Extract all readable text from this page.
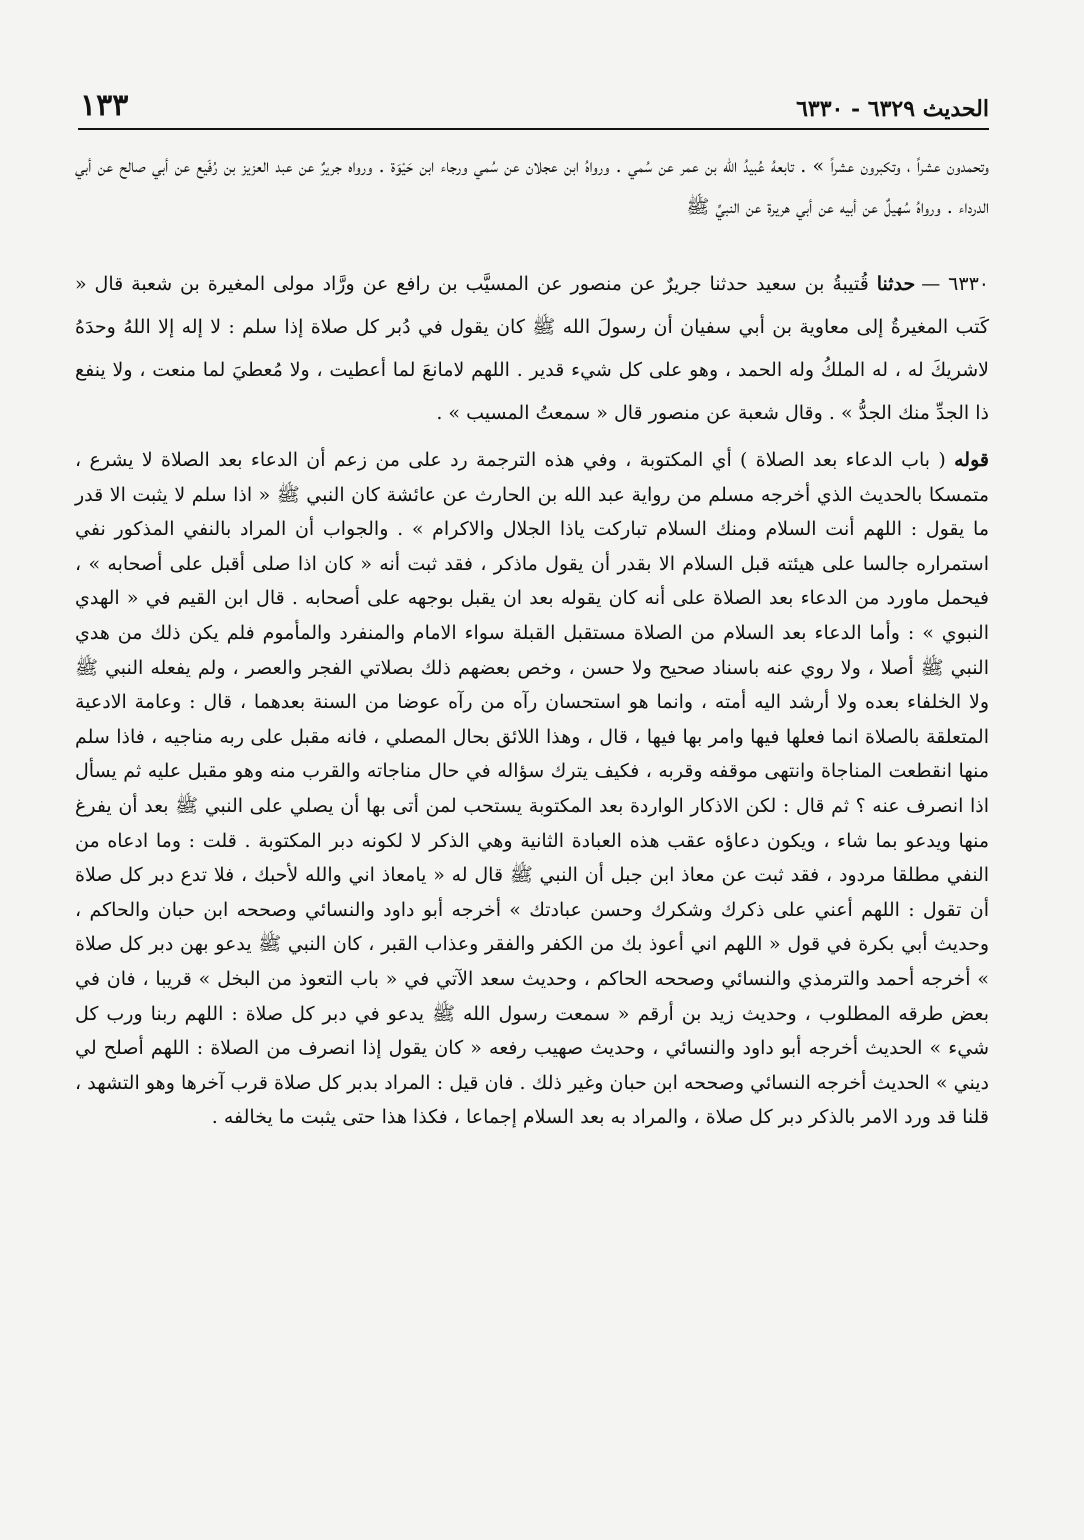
الحديث ٦٣٢٩ - ٦٣٣٠
١٣٣

وتحمدون عشراً ، وتكبرون عشراً » . تابعهُ عُبيدُ الله بن عمر عن سُمي . ورواهُ ابن عجلان عن سُمي ورجاء ابن حَيْوَة . ورواه جريرٌ عن عبد العزيز بن رُفَيع عن أبي صالح عن أبي الدرداء . ورواهُ سُهيلٌ عن أبيه عن أبي هريرة عن النبيِّ ﷺ

٦٣٣٠ —حدثنا قُتيبةُ بن سعيد حدثنا جريرٌ عن منصور عن المسيَّب بن رافع عن ورَّاد مولى المغيرة بن شعبة قال « كَتب المغيرةُ إلى معاوية بن أبي سفيان أن رسولَ الله ﷺ كان يقول في دُبر كل صلاة إذا سلم : لا إله إلا اللهُ وحدَهُ لاشريكَ له ، له الملكُ وله الحمد ، وهو على كل شيء قدير . اللهم لامانعَ لما أعطيت ، ولا مُعطيَ لما منعت ، ولا ينفع ذا الجدِّ منك الجدُّ » . وقال شعبة عن منصور قال « سمعتُ المسيب » .

قوله ( باب الدعاء بعد الصلاة ) أي المكتوبة ، وفي هذه الترجمة رد على من زعم أن الدعاء بعد الصلاة لا يشرع ، متمسكا بالحديث الذي أخرجه مسلم من رواية عبد الله بن الحارث عن عائشة كان النبي ﷺ « اذا سلم لا يثبت الا قدر ما يقول : اللهم أنت السلام ومنك السلام تباركت ياذا الجلال والاكرام » . والجواب أن المراد بالنفي المذكور نفي استمراره جالسا على هيئته قبل السلام الا بقدر أن يقول ماذكر ، فقد ثبت أنه « كان اذا صلى أقبل على أصحابه » ، فيحمل ماورد من الدعاء بعد الصلاة على أنه كان يقوله بعد ان يقبل بوجهه على أصحابه . قال ابن القيم في « الهدي النبوي » : وأما الدعاء بعد السلام من الصلاة مستقبل القبلة سواء الامام والمنفرد والمأموم فلم يكن ذلك من هدي النبي ﷺ أصلا ، ولا روي عنه باسناد صحيح ولا حسن ، وخص بعضهم ذلك بصلاتي الفجر والعصر ، ولم يفعله النبي ﷺ ولا الخلفاء بعده ولا أرشد اليه أمته ، وانما هو استحسان رآه من رآه عوضا من السنة بعدهما ، قال : وعامة الادعية المتعلقة بالصلاة انما فعلها فيها وامر بها فيها ، قال ، وهذا اللائق بحال المصلي ، فانه مقبل على ربه مناجيه ، فاذا سلم منها انقطعت المناجاة وانتهى موقفه وقربه ، فكيف يترك سؤاله في حال مناجاته والقرب منه وهو مقبل عليه ثم يسأل اذا انصرف عنه ؟ ثم قال : لكن الاذكار الواردة بعد المكتوبة يستحب لمن أتى بها أن يصلي على النبي ﷺ بعد أن يفرغ منها ويدعو بما شاء ، ويكون دعاؤه عقب هذه العبادة الثانية وهي الذكر لا لكونه دبر المكتوبة . قلت : وما ادعاه من النفي مطلقا مردود ، فقد ثبت عن معاذ ابن جبل أن النبي ﷺ قال له « يامعاذ اني والله لأحبك ، فلا تدع دبر كل صلاة أن تقول : اللهم أعني على ذكرك وشكرك وحسن عبادتك » أخرجه أبو داود والنسائي وصححه ابن حبان والحاكم ، وحديث أبي بكرة في قول « اللهم اني أعوذ بك من الكفر والفقر وعذاب القبر ، كان النبي ﷺ يدعو بهن دبر كل صلاة » أخرجه أحمد والترمذي والنسائي وصححه الحاكم ، وحديث سعد الآتي في « باب التعوذ من البخل » قريبا ، فان في بعض طرقه المطلوب ، وحديث زيد بن أرقم « سمعت رسول الله ﷺ يدعو في دبر كل صلاة : اللهم ربنا ورب كل شيء » الحديث أخرجه أبو داود والنسائي ، وحديث صهيب رفعه « كان يقول إذا انصرف من الصلاة : اللهم أصلح لي ديني » الحديث أخرجه النسائي وصححه ابن حبان وغير ذلك . فان قيل : المراد بدبر كل صلاة قرب آخرها وهو التشهد ، قلنا قد ورد الامر بالذكر دبر كل صلاة ، والمراد به بعد السلام إجماعا ، فكذا هذا حتى يثبت ما يخالفه .
